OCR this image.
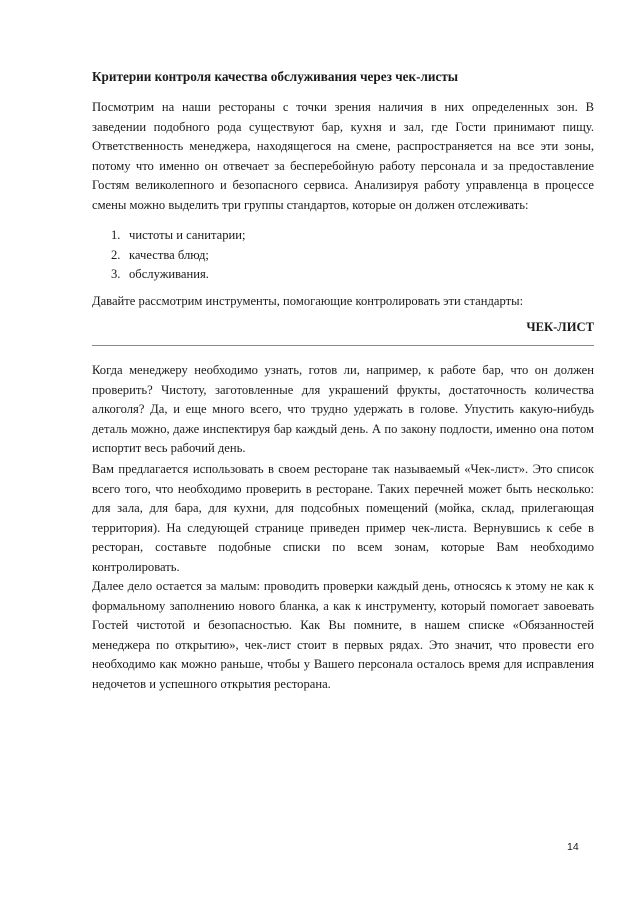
Критерии контроля качества обслуживания через чек-листы

Посмотрим на наши рестораны с точки зрения наличия в них определенных зон. В заведении подобного рода существуют бар, кухня и зал, где Гости принимают пищу. Ответственность менеджера, находящегося на смене, распространяется на все эти зоны, потому что именно он отвечает за бесперебойную работу персонала и за предоставление Гостям великолепного и безопасного сервиса. Анализируя работу управленца в процессе смены можно выделить три группы стандартов, которые он должен отслеживать:

1. чистоты и санитарии;
2. качества блюд;
3. обслуживания.

Давайте рассмотрим инструменты, помогающие контролировать эти стандарты:

ЧЕК-ЛИСТ

Когда менеджеру необходимо узнать, готов ли, например, к работе бар, что он должен проверить? Чистоту, заготовленные для украшений фрукты, достаточность количества алкоголя? Да, и еще много всего, что трудно удержать в голове. Упустить какую-нибудь деталь можно, даже инспектируя бар каждый день. А по закону подлости, именно она потом испортит весь рабочий день.

Вам предлагается использовать в своем ресторане так называемый «Чек-лист». Это список всего того, что необходимо проверить в ресторане. Таких перечней может быть несколько: для зала, для бара, для кухни, для подсобных помещений (мойка, склад, прилегающая территория). На следующей странице приведен пример чек-листа. Вернувшись к себе в ресторан, составьте подобные списки по всем зонам, которые Вам необходимо контролировать.

Далее дело остается за малым: проводить проверки каждый день, относясь к этому не как к формальному заполнению нового бланка, а как к инструменту, который помогает завоевать Гостей чистотой и безопасностью. Как Вы помните, в нашем списке «Обязанностей менеджера по открытию», чек-лист стоит в первых рядах. Это значит, что провести его необходимо как можно раньше, чтобы у Вашего персонала осталось время для исправления недочетов и успешного открытия ресторана.

14
